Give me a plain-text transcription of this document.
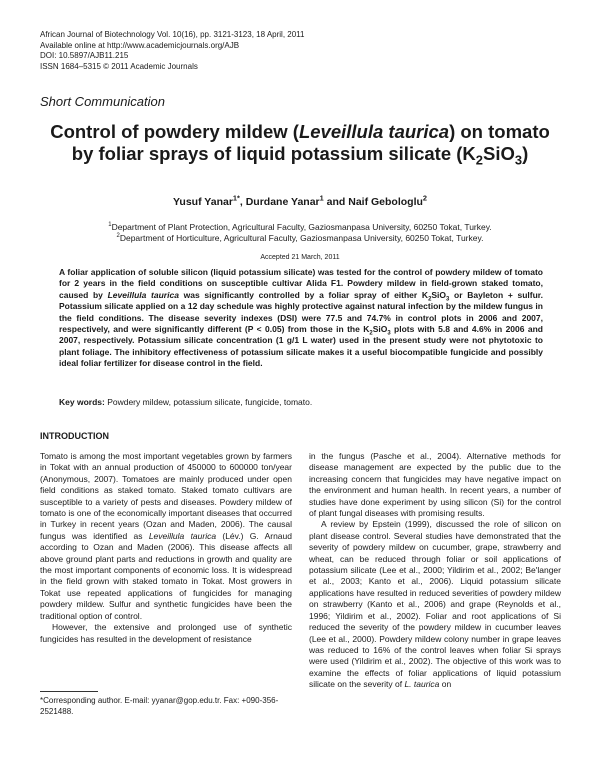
African Journal of Biotechnology Vol. 10(16), pp. 3121-3123, 18 April, 2011
Available online at http://www.academicjournals.org/AJB
DOI: 10.5897/AJB11.215
ISSN 1684–5315 © 2011 Academic Journals
Short Communication
Control of powdery mildew (Leveillula taurica) on tomato by foliar sprays of liquid potassium silicate $(K_2SiO_3)$
Yusuf Yanar$^{1*}$, Durdane Yanar$^1$ and Naif Gebologlu$^2$
$^1$Department of Plant Protection, Agricultural Faculty, Gaziosmanpasa University, 60250 Tokat, Turkey.
$^2$Department of Horticulture, Agricultural Faculty, Gaziosmanpasa University, 60250 Tokat, Turkey.
Accepted 21 March, 2011
A foliar application of soluble silicon (liquid potassium silicate) was tested for the control of powdery mildew of tomato for 2 years in the field conditions on susceptible cultivar Alida F1. Powdery mildew in field-grown staked tomato, caused by Leveillula taurica was significantly controlled by a foliar spray of either $K_2SiO_3$ or Bayleton + sulfur. Potassium silicate applied on a 12 day schedule was highly protective against natural infection by the mildew fungus in the field conditions. The disease severity indexes (DSI) were 77.5 and 74.7% in control plots in 2006 and 2007, respectively, and were significantly different (P < 0.05) from those in the $K_2SiO_3$ plots with 5.8 and 4.6% in 2006 and 2007, respectively. Potassium silicate concentration (1 g/1 L water) used in the present study were not phytotoxic to plant foliage. The inhibitory effectiveness of potassium silicate makes it a useful biocompatible fungicide and possibly ideal foliar fertilizer for disease control in the field.
Key words: Powdery mildew, potassium silicate, fungicide, tomato.
INTRODUCTION

Tomato is among the most important vegetables grown by farmers in Tokat with an annual production of 450000 to 600000 ton/year (Anonymous, 2007). Tomatoes are mainly produced under open field conditions as staked tomato. Staked tomato cultivars are susceptible to a variety of pests and diseases. Powdery mildew of tomato is one of the economically important diseases that occurred in Turkey in recent years (Ozan and Maden, 2006). The causal fungus was identified as Leveillula taurica (Lév.) G. Arnaud according to Ozan and Maden (2006). This disease affects all above ground plant parts and reductions in growth and quality are the most important components of economic loss. It is widespread in the field grown with staked tomato in Tokat. Most growers in Tokat use repeated applications of fungicides for managing powdery mildew. Sulfur and synthetic fungicides have been the traditional option of control.

However, the extensive and prolonged use of synthetic fungicides has resulted in the development of resistance

*Corresponding author. E-mail: yyanar@gop.edu.tr. Fax: +090-356-2521488.

in the fungus (Pasche et al., 2004). Alternative methods for disease management are expected by the public due to the increasing concern that fungicides may have negative impact on the environment and human health. In recent years, a number of studies have done experiment by using silicon (Si) for the control of plant fungal diseases with promising results.

A review by Epstein (1999), discussed the role of silicon on plant disease control. Several studies have demonstrated that the severity of powdery mildew on cucumber, grape, strawberry and wheat, can be reduced through foliar or soil applications of potassium silicate (Lee et al., 2000; Yildirim et al., 2002; Be'langer et al., 2003; Kanto et al., 2006). Liquid potassium silicate applications have resulted in reduced severities of powdery mildew on strawberry (Kanto et al., 2006) and grape (Reynolds et al., 1996; Yildirim et al., 2002). Foliar and root applications of Si reduced the severity of the powdery mildew in cucumber leaves (Lee et al., 2000). Powdery mildew colony number in grape leaves was reduced to 16% of the control leaves when foliar Si sprays were used (Yildirim et al., 2002). The objective of this work was to examine the effects of foliar applications of liquid potassium silicate on the severity of L. taurica on
